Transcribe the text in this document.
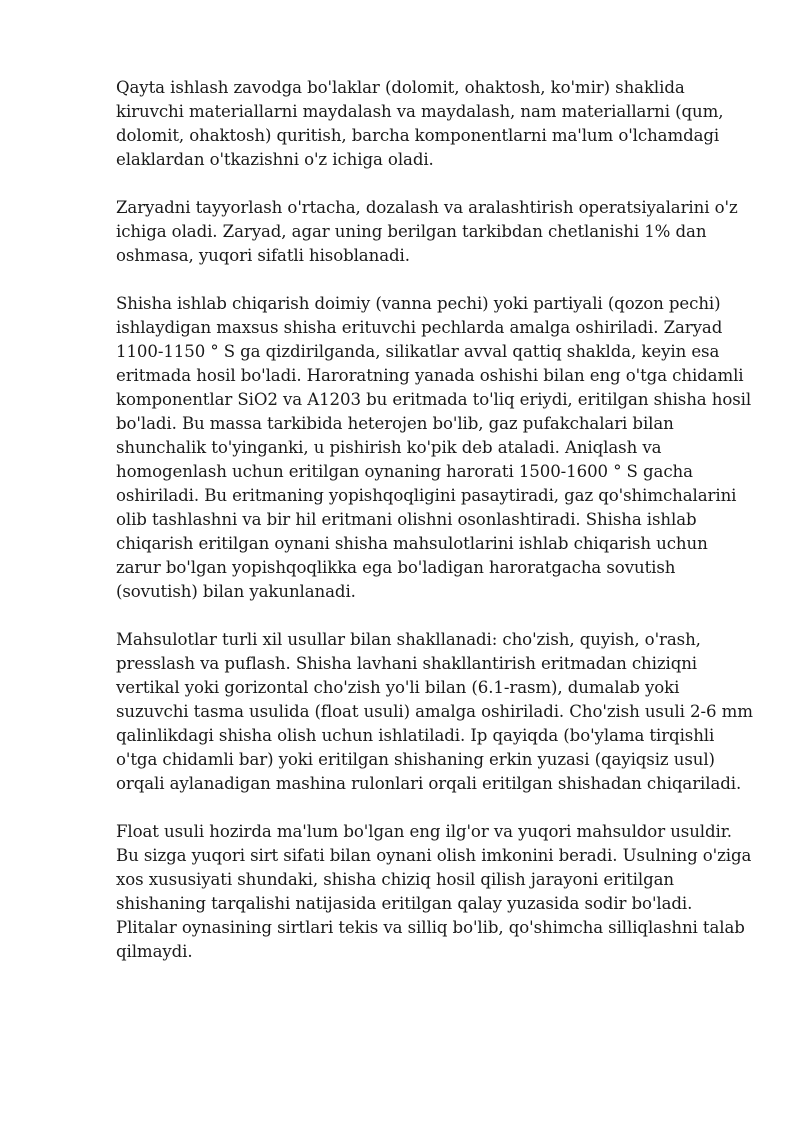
Qayta ishlash zavodga bo'laklar (dolomit, ohaktosh, ko'mir) shaklida kiruvchi materiallarni maydalash va maydalash, nam materiallarni (qum, dolomit, ohaktosh) quritish, barcha komponentlarni ma'lum o'lchamdagi elaklardan o'tkazishni o'z ichiga oladi.

Zaryadni tayyorlash o'rtacha, dozalash va aralashtirish operatsiyalarini o'z ichiga oladi. Zaryad, agar uning berilgan tarkibdan chetlanishi 1% dan oshmasa, yuqori sifatli hisoblanadi.

Shisha ishlab chiqarish doimiy (vanna pechi) yoki partiyali (qozon pechi) ishlaydigan maxsus shisha erituvchi pechlarda amalga oshiriladi. Zaryad 1100-1150 ° S ga qizdirilganda, silikatlar avval qattiq shaklda, keyin esa eritmada hosil bo'ladi. Haroratning yanada oshishi bilan eng o'tga chidamli komponentlar SiO2 va A1203 bu eritmada to'liq eriydi, eritilgan shisha hosil bo'ladi. Bu massa tarkibida heterojen bo'lib, gaz pufakchalari bilan shunchalik to'yinganki, u pishirish ko'pik deb ataladi. Aniqlash va homogenlash uchun eritilgan oynaning harorati 1500-1600 ° S gacha oshiriladi. Bu eritmaning yopishqoqligini pasaytiradi, gaz qo'shimchalarini olib tashlashni va bir hil eritmani olishni osonlashtiradi. Shisha ishlab chiqarish eritilgan oynani shisha mahsulotlarini ishlab chiqarish uchun zarur bo'lgan yopishqoqlikka ega bo'ladigan haroratgacha sovutish (sovutish) bilan yakunlanadi.

Mahsulotlar turli xil usullar bilan shakllanadi: cho'zish, quyish, o'rash, presslash va puflash. Shisha lavhani shakllantirish eritmadan chiziqni vertikal yoki gorizontal cho'zish yo'li bilan (6.1-rasm), dumalab yoki suzuvchi tasma usulida (float usuli) amalga oshiriladi. Cho'zish usuli 2-6 mm qalinlikdagi shisha olish uchun ishlatiladi. Ip qayiqda (bo'ylama tirqishli o'tga chidamli bar) yoki eritilgan shishaning erkin yuzasi (qayiqsiz usul) orqali aylanadigan mashina rulonlari orqali eritilgan shishadan chiqariladi.

Float usuli hozirda ma'lum bo'lgan eng ilg'or va yuqori mahsuldor usuldir. Bu sizga yuqori sirt sifati bilan oynani olish imkonini beradi. Usulning o'ziga xos xususiyati shundaki, shisha chiziq hosil qilish jarayoni eritilgan shishaning tarqalishi natijasida eritilgan qalay yuzasida sodir bo'ladi. Plitalar oynasining sirtlari tekis va silliq bo'lib, qo'shimcha silliqlashni talab qilmaydi.
